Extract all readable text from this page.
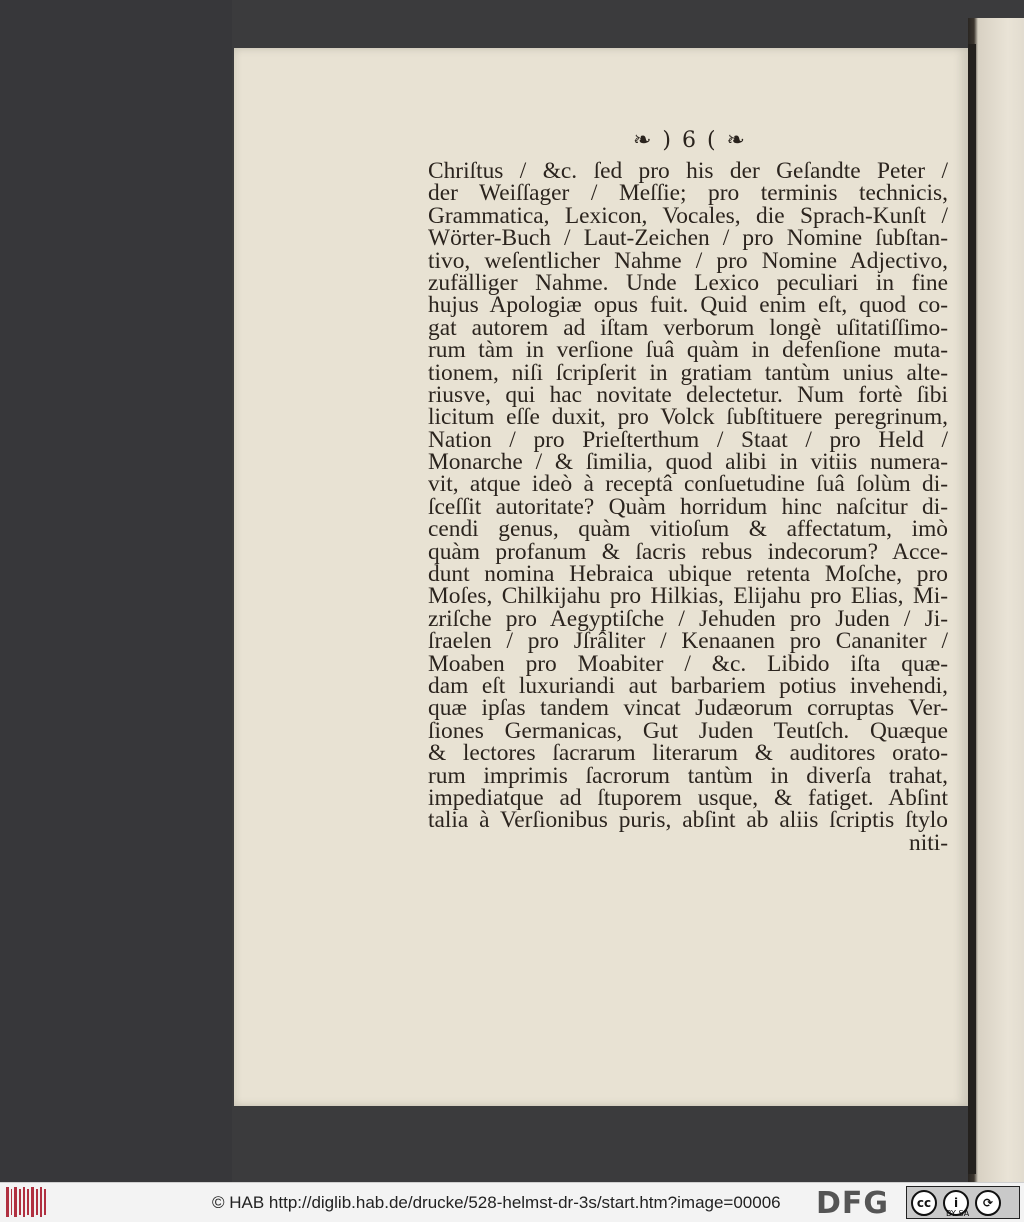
❧ ) 6 ( ❧
Chriſtus / &c. ſed pro his der Geſandte Peter /
der Weiſſager / Meſſie; pro terminis technicis,
Grammatica, Lexicon, Vocales, die Sprach-Kunſt /
Wörter-Buch / Laut-Zeichen / pro Nomine ſubſtan-
tivo, weſentlicher Nahme / pro Nomine Adjectivo,
zufälliger Nahme. Unde Lexico peculiari in fine
hujus Apologiæ opus fuit. Quid enim eſt, quod co-
gat autorem ad iſtam verborum longè uſitatiſſimo-
rum tàm in verſione ſuâ quàm in defenſione muta-
tionem, niſi ſcripſerit in gratiam tantùm unius alte-
riusve, qui hac novitate delectetur. Num fortè ſibi
licitum eſſe duxit, pro Volck ſubſtituere peregrinum,
Nation / pro Prieſterthum / Staat / pro Held /
Monarche / & ſimilia, quod alibi in vitiis numera-
vit, atque ideò à receptâ conſuetudine ſuâ ſolùm di-
ſceſſit autoritate? Quàm horridum hinc naſcitur di-
cendi genus, quàm vitioſum & affectatum, imò
quàm profanum & ſacris rebus indecorum? Acce-
dunt nomina Hebraica ubique retenta Moſche, pro
Moſes, Chilkijahu pro Hilkias, Elijahu pro Elias, Mi-
zriſche pro Aegyptiſche / Jehuden pro Juden / Ji-
ſraelen / pro Jſrâliter / Kenaanen pro Cananiter /
Moaben pro Moabiter / &c. Libido iſta quæ-
dam eſt luxuriandi aut barbariem potius invehendi,
quæ ipſas tandem vincat Judæorum corruptas Ver-
ſiones Germanicas, Gut Juden Teutſch. Quæque
& lectores ſacrarum literarum & auditores orato-
rum imprimis ſacrorum tantùm in diverſa trahat,
impediatque ad ſtuporem usque, & fatiget. Abſint
talia à Verſionibus puris, abſint ab aliis ſcriptis ſtylo
niti-
© HAB http://diglib.hab.de/drucke/528-helmst-dr-3s/start.htm?image=00006 DFG	cc	i	⟳
BY SA
